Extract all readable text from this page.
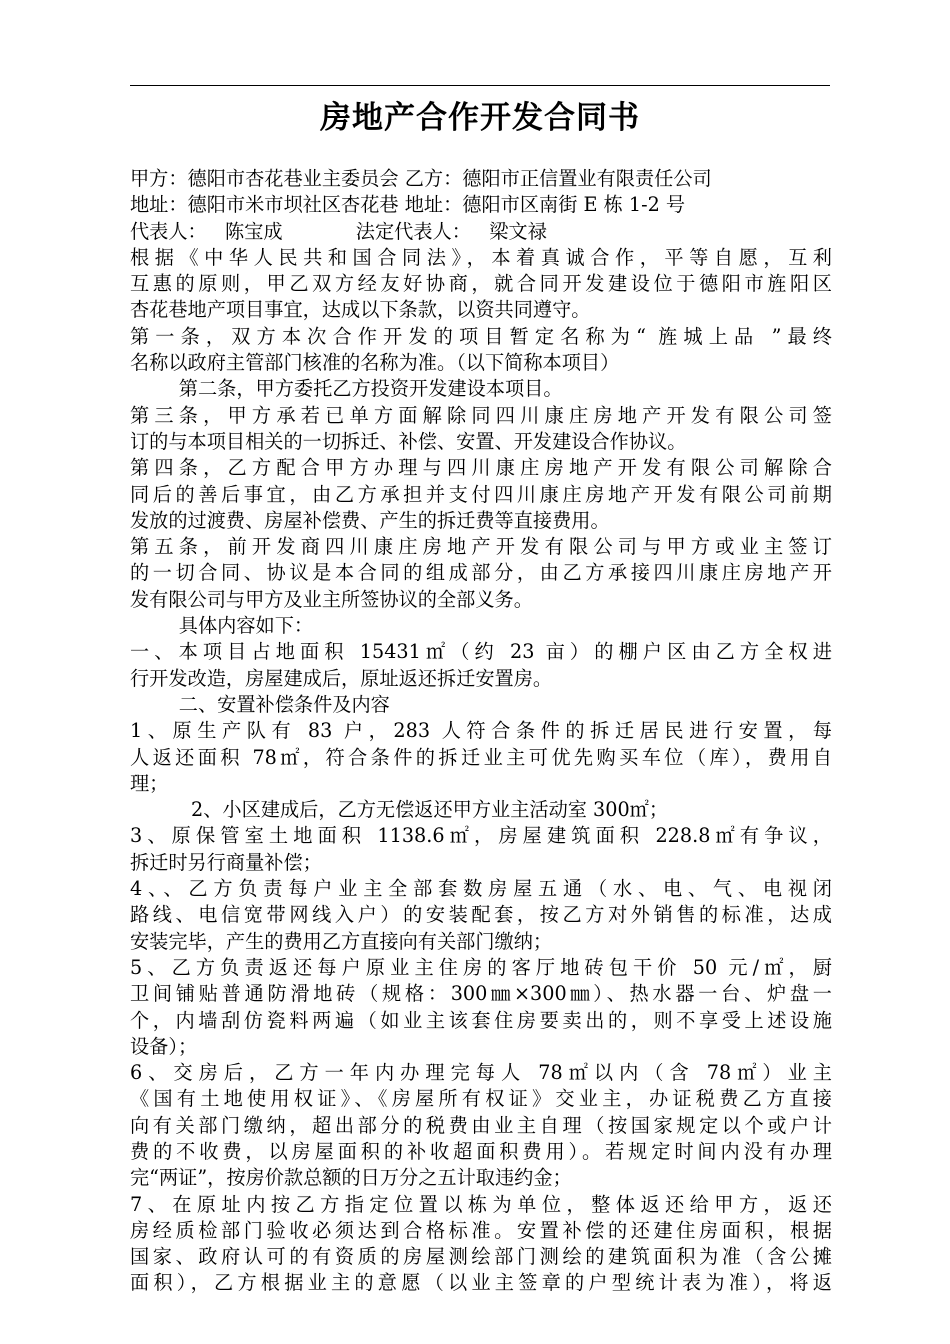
房地产合作开发合同书
甲方：德阳市杏花巷业主委员会 乙方：德阳市正信置业有限责任公司
地址：德阳市米市坝社区杏花巷 地址：德阳市区南街 E 栋 1-2 号
代表人：   陈宝成            法定代表人：   梁文禄
根据《中华人民共和国合同法》，本着真诚合作，平等自愿，互利
互惠的原则，甲乙双方经友好协商，就合同开发建设位于德阳市旌阳区
杏花巷地产项目事宜，达成以下条款，以资共同遵守。
第一条，双方本次合作开发的项目暂定名称为“ 旌城上品 ”最终
名称以政府主管部门核准的名称为准。（以下简称本项目）
第二条，甲方委托乙方投资开发建设本项目。
第三条，甲方承若已单方面解除同四川康庄房地产开发有限公司签
订的与本项目相关的一切拆迁、补偿、安置、开发建设合作协议。
第四条，乙方配合甲方办理与四川康庄房地产开发有限公司解除合
同后的善后事宜，由乙方承担并支付四川康庄房地产开发有限公司前期
发放的过渡费、房屋补偿费、产生的拆迁费等直接费用。
第五条，前开发商四川康庄房地产开发有限公司与甲方或业主签订
的一切合同、协议是本合同的组成部分，由乙方承接四川康庄房地产开
发有限公司与甲方及业主所签协议的全部义务。
具体内容如下：
一、本项目占地面积 15431㎡（约 23 亩）的棚户区由乙方全权进
行开发改造，房屋建成后，原址返还拆迁安置房。
二、安置补偿条件及内容
1、原生产队有 83 户，283 人符合条件的拆迁居民进行安置，每
人返还面积 78㎡，符合条件的拆迁业主可优先购买车位（库），费用自
理；
2、小区建成后，乙方无偿返还甲方业主活动室 300㎡；
3、原保管室土地面积 1138.6㎡，房屋建筑面积 228.8㎡有争议，
拆迁时另行商量补偿；
4、、乙方负责每户业主全部套数房屋五通（水、电、气、电视闭
路线、电信宽带网线入户）的安装配套，按乙方对外销售的标准，达成
安装完毕，产生的费用乙方直接向有关部门缴纳；
5、乙方负责返还每户原业主住房的客厅地砖包干价 50 元/㎡，厨
卫间铺贴普通防滑地砖（规格：300㎜×300㎜）、热水器一台、炉盘一
个，内墙刮仿瓷料两遍（如业主该套住房要卖出的，则不享受上述设施
设备）；
6、交房后，乙方一年内办理完每人 78㎡以内（含 78㎡）业主
《国有土地使用权证》、《房屋所有权证》交业主，办证税费乙方直接
向有关部门缴纳，超出部分的税费由业主自理（按国家规定以个或户计
费的不收费，以房屋面积的补收超面积费用）。若规定时间内没有办理
完“两证”，按房价款总额的日万分之五计取违约金；
7、在原址内按乙方指定位置以栋为单位，整体返还给甲方，返还
房经质检部门验收必须达到合格标准。安置补偿的还建住房面积，根据
国家、政府认可的有资质的房屋测绘部门测绘的建筑面积为准（含公摊
面积），乙方根据业主的意愿（以业主签章的户型统计表为准），将返
